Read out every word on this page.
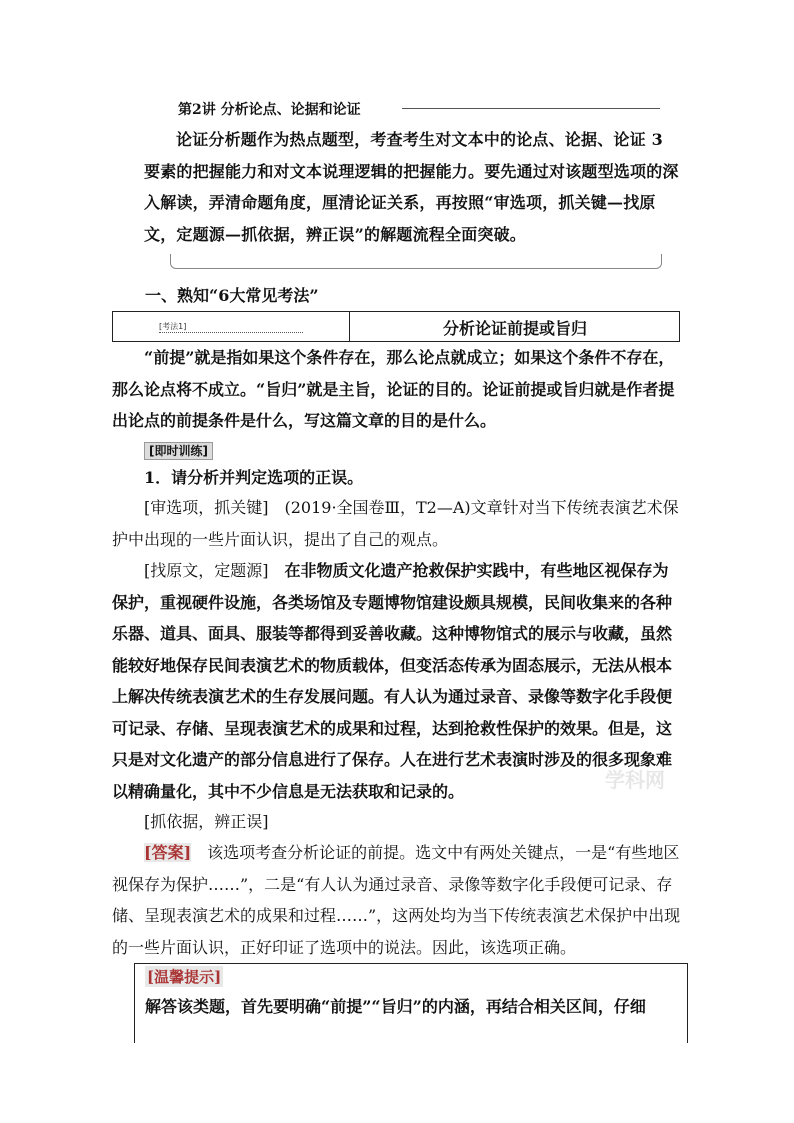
第2讲 分析论点、论据和论证
论证分析题作为热点题型，考查考生对文本中的论点、论据、论证 3 要素的把握能力和对文本说理逻辑的把握能力。要先通过对该题型选项的深入解读，弄清命题角度，厘清论证关系，再按照“审选项，抓关键—找原文，定题源—抓依据，辨正误”的解题流程全面突破。
一、熟知“6大常见考法”
[考法1]	分析论证前提或旨归
“前提”就是指如果这个条件存在，那么论点就成立；如果这个条件不存在，那么论点将不成立。“旨归”就是主旨，论证的目的。论证前提或旨归就是作者提出论点的前提条件是什么，写这篇文章的目的是什么。
[即时训练]
1．请分析并判定选项的正误。
[审选项，抓关键]　(2019·全国卷Ⅲ，T2—A)文章针对当下传统表演艺术保护中出现的一些片面认识，提出了自己的观点。
[找原文，定题源]　在非物质文化遗产抢救保护实践中，有些地区视保存为保护，重视硬件设施，各类场馆及专题博物馆建设颇具规模，民间收集来的各种乐器、道具、面具、服装等都得到妥善收藏。这种博物馆式的展示与收藏，虽然能较好地保存民间表演艺术的物质载体，但变活态传承为固态展示，无法从根本上解决传统表演艺术的生存发展问题。有人认为通过录音、录像等数字化手段便可记录、存储、呈现表演艺术的成果和过程，达到抢救性保护的效果。但是，这只是对文化遗产的部分信息进行了保存。人在进行艺术表演时涉及的很多现象难以精确量化，其中不少信息是无法获取和记录的。
[抓依据，辨正误]
[答案]　该选项考查分析论证的前提。选文中有两处关键点，一是“有些地区视保存为保护……”，二是“有人认为通过录音、录像等数字化手段便可记录、存储、呈现表演艺术的成果和过程……”，这两处均为当下传统表演艺术保护中出现的一些片面认识，正好印证了选项中的说法。因此，该选项正确。
[温馨提示]
解答该类题，首先要明确“前提”“旨归”的内涵，再结合相关区间，仔细
学科网
